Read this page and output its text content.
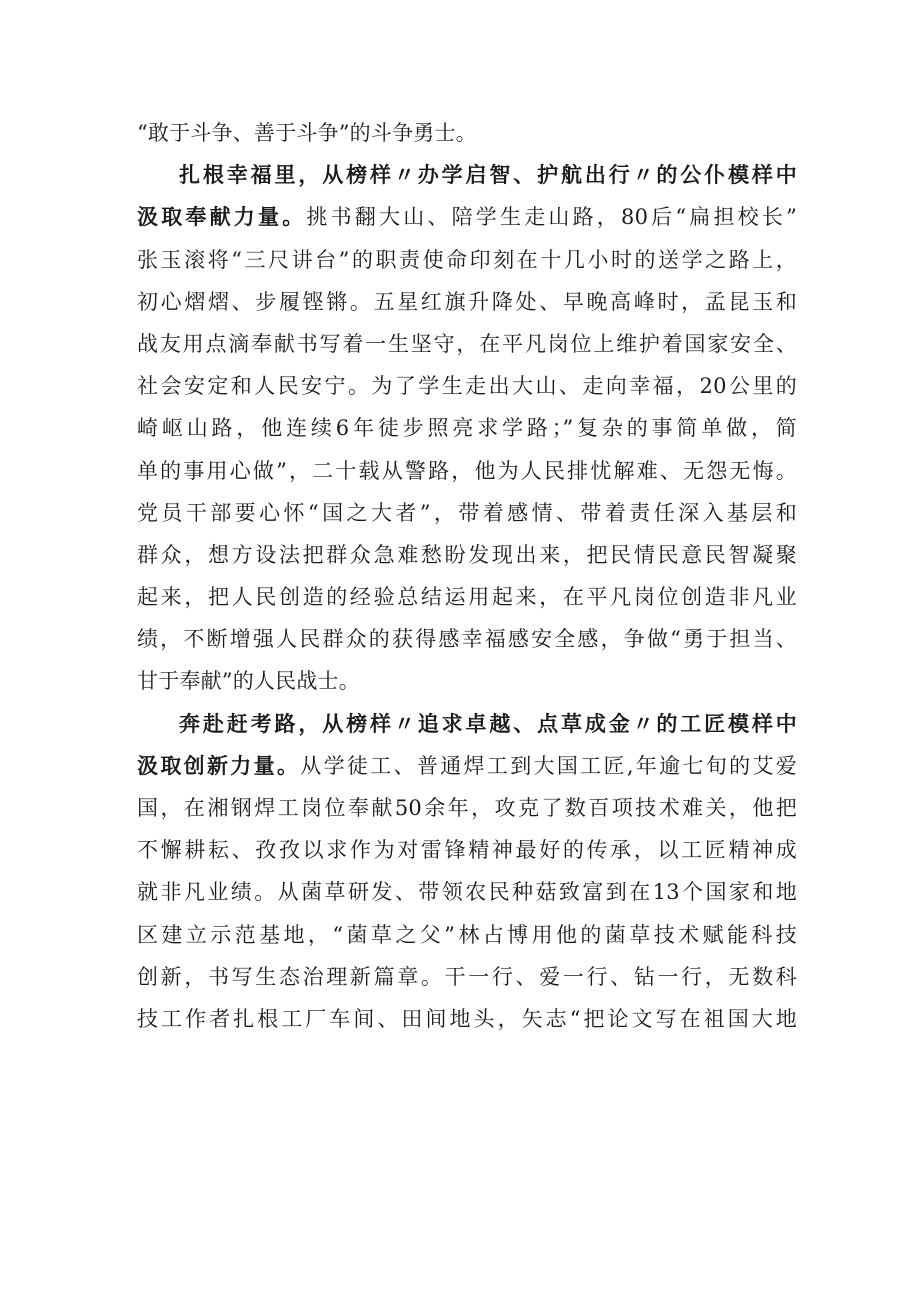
“敢于斗争、善于斗争”的斗争勇士。
扎根幸福里，从榜样〃办学启智、护航出行〃的公仆模样中
汲取奉献力量。挑书翻大山、陪学生走山路，80后“扁担校长”
张玉滚将“三尺讲台”的职责使命印刻在十几小时的送学之路上，
初心熠熠、步履铿锵。五星红旗升降处、早晚高峰时，孟昆玉和
战友用点滴奉献书写着一生坚守，在平凡岗位上维护着国家安全、
社会安定和人民安宁。为了学生走出大山、走向幸福，20公里的
崎岖山路，他连续6年徒步照亮求学路；”复杂的事简单做，简
单的事用心做”，二十载从警路，他为人民排忧解难、无怨无悔。
党员干部要心怀“国之大者”，带着感情、带着责任深入基层和
群众，想方设法把群众急难愁盼发现出来，把民情民意民智凝聚
起来，把人民创造的经验总结运用起来，在平凡岗位创造非凡业
绩，不断增强人民群众的获得感幸福感安全感，争做“勇于担当、
甘于奉献”的人民战士。
奔赴赶考路，从榜样〃追求卓越、点草成金〃的工匠模样中
汲取创新力量。从学徒工、普通焊工到大国工匠,年逾七旬的艾爱
国，在湘钢焊工岗位奉献50余年，攻克了数百项技术难关，他把
不懈耕耘、孜孜以求作为对雷锋精神最好的传承，以工匠精神成
就非凡业绩。从菌草研发、带领农民种菇致富到在13个国家和地
区建立示范基地，“菌草之父”林占博用他的菌草技术赋能科技
创新，书写生态治理新篇章。干一行、爱一行、钻一行，无数科
技工作者扎根工厂车间、田间地头，矢志“把论文写在祖国大地
